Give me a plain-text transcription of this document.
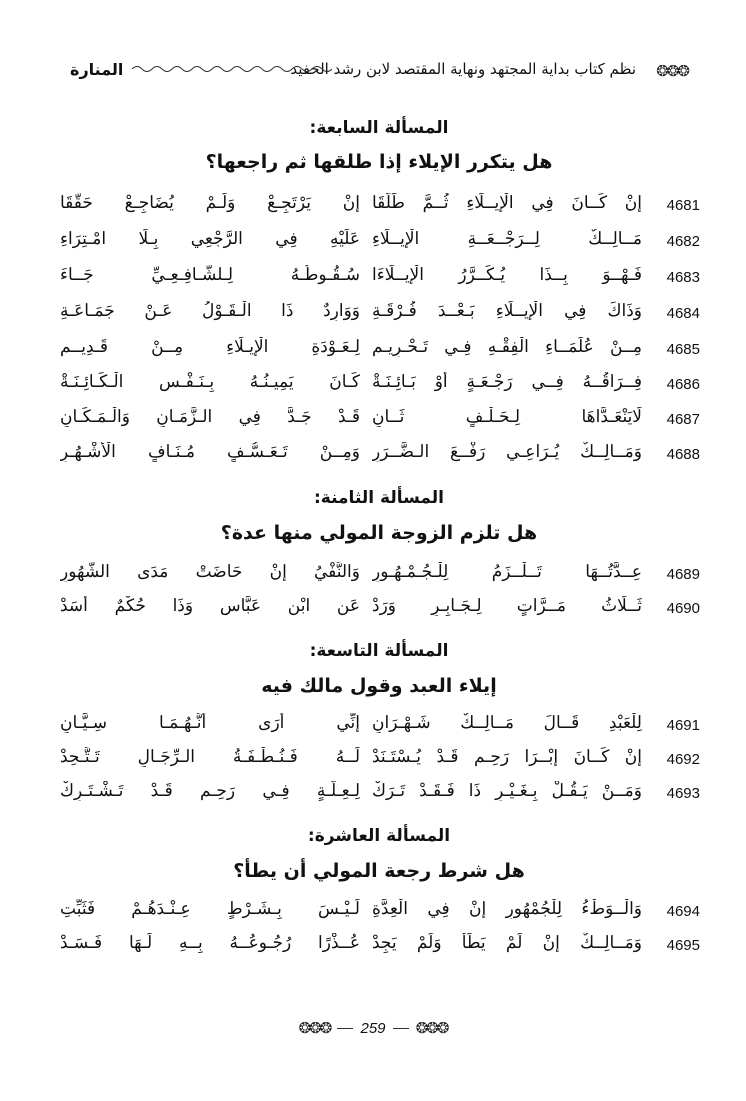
❂❂❂
نظم كتاب بداية المجتهد ونهاية المقتصد لابن رشد الحفيد
المنارة
المسألة السابعة:
هل يتكرر الإيلاء إذا طلقها ثم راجعها؟
4681
إِنْ كَــانَ فِي الْإِيــلَاءِ ثُــمَّ طَلَّقَا
إِنْ يَرْتَجِـعْ وَلَـمْ يُضَاجِـعْ حَقَّقَا
4682
مَــالِــكٌ لِــرَجْــعَــةِ الْإِيــلَاءِ
عَلَيْهِ فِي الرَّجْعِي بِـلَا امْـتِرَاءِ
4683
فَـهْــوَ بِــذَا يُـكَــرَّرُ الْإِيــلَاءَا
سُـقُـوطُـهُ لِـلشَّـافِـعِـيِّ جَــاءَ
4684
وَذَاكَ فِي الْإِيــلَاءِ بَـعْــدَ فُـرْقَـةِ
وَوَارِدٌ ذَا الْـقَـوْلُ عَـنْ جَمَـاعَـةِ
4685
مِــنْ عُلَمَــاءِ الْفِقْـهِ فِـي تَـحْـرِيـمِ
لِـعَـوْدَةِ الْإِيـلَاءِ مِــنْ قَـدِيــمِ
4686
فِــرَاقُــهُ فِــي رَجْـعَـةٍ أَوْ بَـائِـنَـةْ
كَـانَ يَمِيـنُـهُ بِـنَـفْـسِ الْـكَـائِـنَـةْ
4687
لَايَنْعَـدَّاهَا لِـحَـلْـفٍ ثَــانِ
قَـدْ جَـدَّ فِي الـزَّمَـانِ وَالْـمَـكَـانِ
4688
وَمَــالِــكٌ يُـرَاعِـي رَفْــعَ الـضَّــرَرِ
وَمِــنْ تَـعَـسُّـفٍ مُـنَـافٍ الْأَشْـهُـرِ
المسألة الثامنة:
هل تلزم الزوجة المولي منها عدة؟
4689
عِــدَّتُــهَا تَــلْــزَمُ لِلْـجُـمْـهُـورِ
وَالنَّفْيُ إِنْ حَاضَتْ مَدَى الشُّهُورِ
4690
ثَــلَاثُ مَــرَّاتٍ لِـجَـابِـرٍ وَرَدْ
عَنِ ابْنِ عَبَّاسٍ وَذَا حُكْمٌ أَسَدْ
المسألة التاسعة:
إيلاء العبد وقول مالك فيه
4691
لِلْعَبْدِ قَــالَ مَــالِــكٌ شَـهْـرَانِ
إِنِّي أَرَى أَنَّـهُـمَـا سِـيَّـانِ
4692
إِنْ كَــانَ إِبْــرَا رَحِـمٍ قَـدْ يُـسْتَـنَدْ
لَــهُ فَـنُـطْـفَـةُ الـرِّجَـالِ تَـتَّـحِدْ
4693
وَمَــنْ يَـقُـلْ بِـغَـيْـرِ ذَا فَـقَـدْ تَـرَكْ
لِـعِـلَّـةٍ فِـي رَحِـمٍ قَـدْ تَـشْـتَـرِكْ
المسألة العاشرة:
هل شرط رجعة المولي أن يطأ؟
4694
وَالْــوَطْءُ لِلْجُمْهُورِ إِنْ فِي الْعِدَّةِ
لَـيْـسَ بِـشَـرْطٍ عِـنْـدَهُـمْ فَثَبِّتِ
4695
وَمَــالِــكٌ إِنْ لَمْ يَطَأْ وَلَمْ يَجِدْ
عُــذْرًا رُجُـوعُــهُ بِــهِ لَـهَا فَـسَـدْ
❂❂❂ 259 ❂❂❂
